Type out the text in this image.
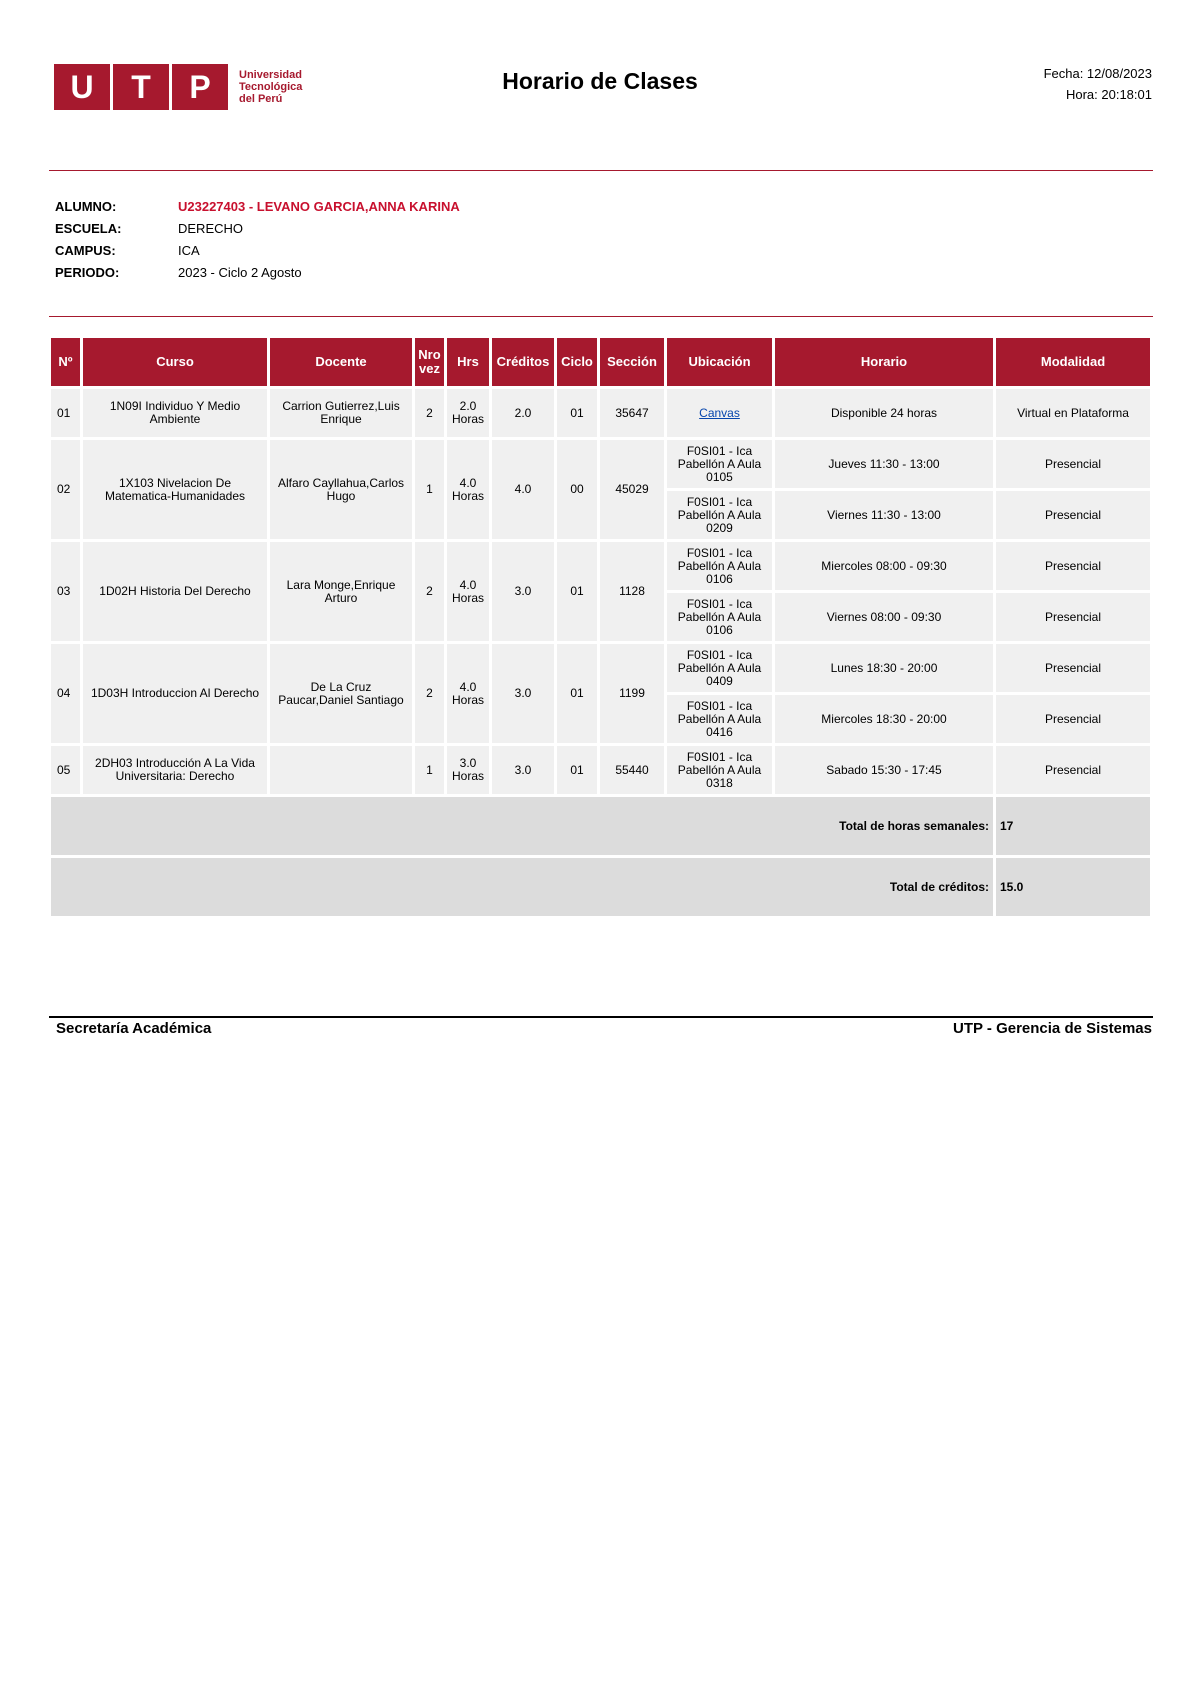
U	T	P	Universidad
Tecnológica
del Perú
Horario de Clases	Fecha: 12/08/2023
Hora: 20:18:01
ALUMNO:	U23227403 - LEVANO GARCIA,ANNA KARINA
ESCUELA:	DERECHO
CAMPUS:	ICA
PERIODO:	2023 - Ciclo 2 Agosto
Nº	Curso	Docente	Nro vez	Hrs	Créditos	Ciclo	Sección	Ubicación	Horario	Modalidad
01	1N09I Individuo Y Medio Ambiente	Carrion Gutierrez,Luis Enrique	2	2.0 Horas	2.0	01	35647	Canvas	Disponible 24 horas	Virtual en Plataforma
02	1X103 Nivelacion De Matematica-Humanidades	Alfaro Cayllahua,Carlos Hugo	1	4.0 Horas	4.0	00	45029	F0SI01 - Ica Pabellón A Aula 0105	Jueves 11:30 - 13:00	Presencial
								F0SI01 - Ica Pabellón A Aula 0209	Viernes 11:30 - 13:00	Presencial
03	1D02H Historia Del Derecho	Lara Monge,Enrique Arturo	2	4.0 Horas	3.0	01	1128	F0SI01 - Ica Pabellón A Aula 0106	Miercoles 08:00 - 09:30	Presencial
								F0SI01 - Ica Pabellón A Aula 0106	Viernes 08:00 - 09:30	Presencial
04	1D03H Introduccion Al Derecho	De La Cruz Paucar,Daniel Santiago	2	4.0 Horas	3.0	01	1199	F0SI01 - Ica Pabellón A Aula 0409	Lunes 18:30 - 20:00	Presencial
								F0SI01 - Ica Pabellón A Aula 0416	Miercoles 18:30 - 20:00	Presencial
05	2DH03 Introducción A La Vida Universitaria: Derecho		1	3.0 Horas	3.0	01	55440	F0SI01 - Ica Pabellón A Aula 0318	Sabado 15:30 - 17:45	Presencial
Total de horas semanales:										17
Total de créditos:										15.0
Secretaría Académica	UTP - Gerencia de Sistemas
